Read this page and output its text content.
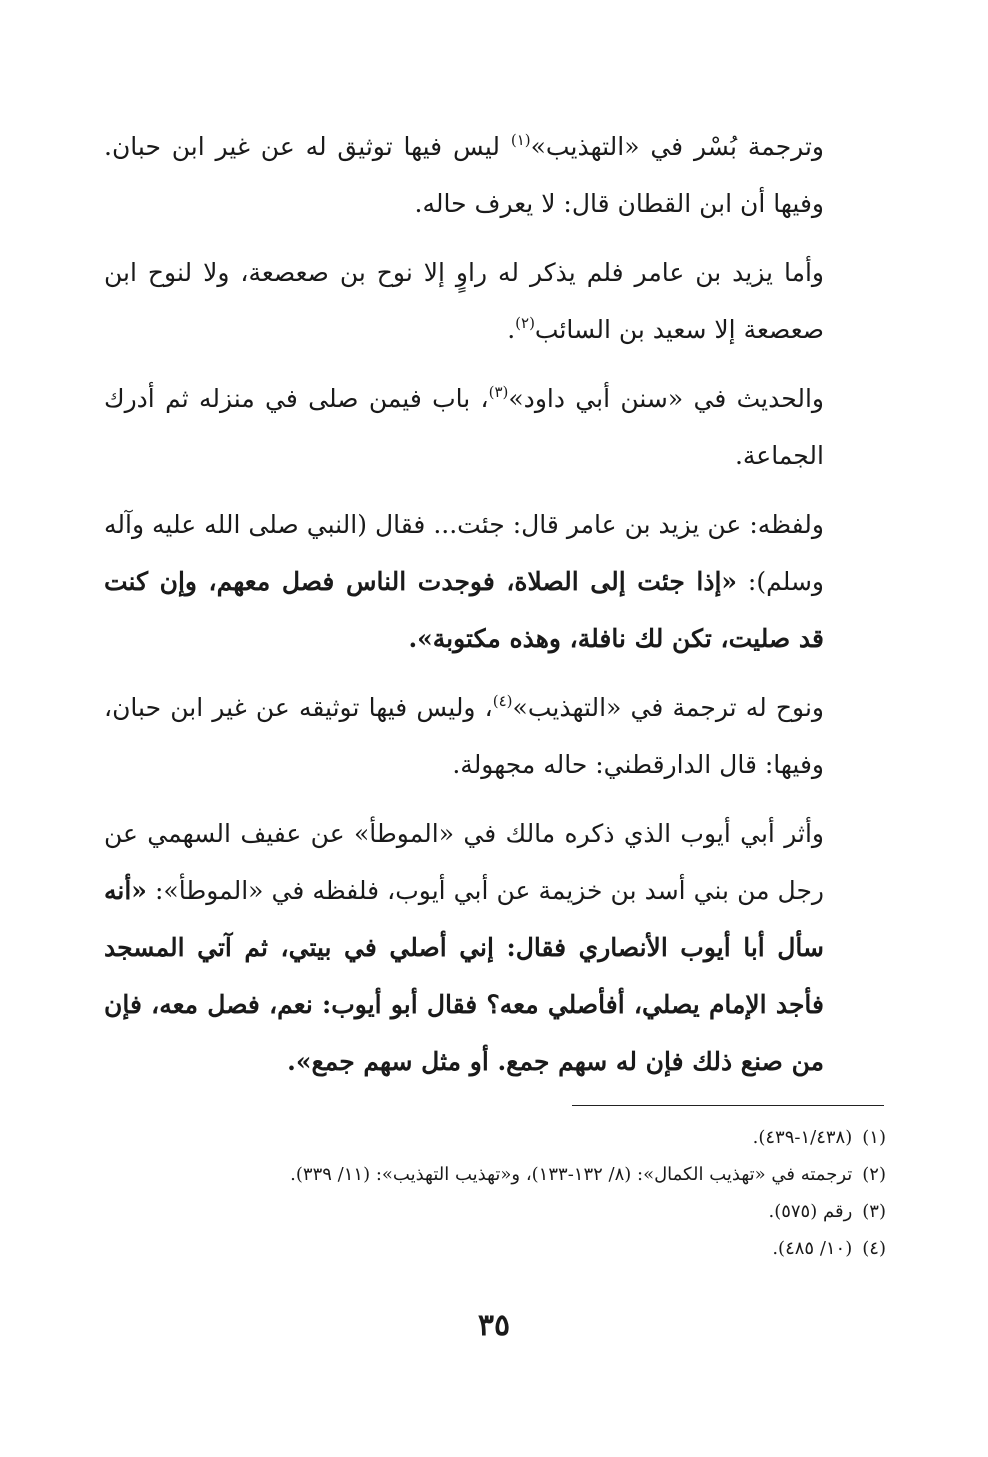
وترجمة بُسْر في «التهذيب»$^{(١)}$ ليس فيها توثيق له عن غير ابن حبان. وفيها أن ابن القطان قال: لا يعرف حاله.

وأما يزيد بن عامر فلم يذكر له راوٍ إلا نوح بن صعصعة، ولا لنوح ابن صعصعة إلا سعيد بن السائب$^{(٢)}$.

والحديث في «سنن أبي داود»$^{(٣)}$، باب فيمن صلى في منزله ثم أدرك الجماعة.

ولفظه: عن يزيد بن عامر قال: جئت... فقال (النبي صلى الله عليه وآله وسلم): «إذا جئت إلى الصلاة، فوجدت الناس فصل معهم، وإن كنت قد صليت، تكن لك نافلة، وهذه مكتوبة».

ونوح له ترجمة في «التهذيب»$^{(٤)}$، وليس فيها توثيقه عن غير ابن حبان، وفيها: قال الدارقطني: حاله مجهولة.

وأثر أبي أيوب الذي ذكره مالك في «الموطأ» عن عفيف السهمي عن رجل من بني أسد بن خزيمة عن أبي أيوب، فلفظه في «الموطأ»: «أنه سأل أبا أيوب الأنصاري فقال: إني أصلي في بيتي، ثم آتي المسجد فأجد الإمام يصلي، أفأصلي معه؟ فقال أبو أيوب: نعم، فصل معه، فإن من صنع ذلك فإن له سهم جمع. أو مثل سهم جمع».

(١)(١/٤٣٨-٤٣٩).
(٢)ترجمته في «تهذيب الكمال»: (٨/ ١٣٢-١٣٣)، و«تهذيب التهذيب»: (١١/ ٣٣٩).
(٣)رقم (٥٧٥).
(٤)(١٠/ ٤٨٥).
٣٥
